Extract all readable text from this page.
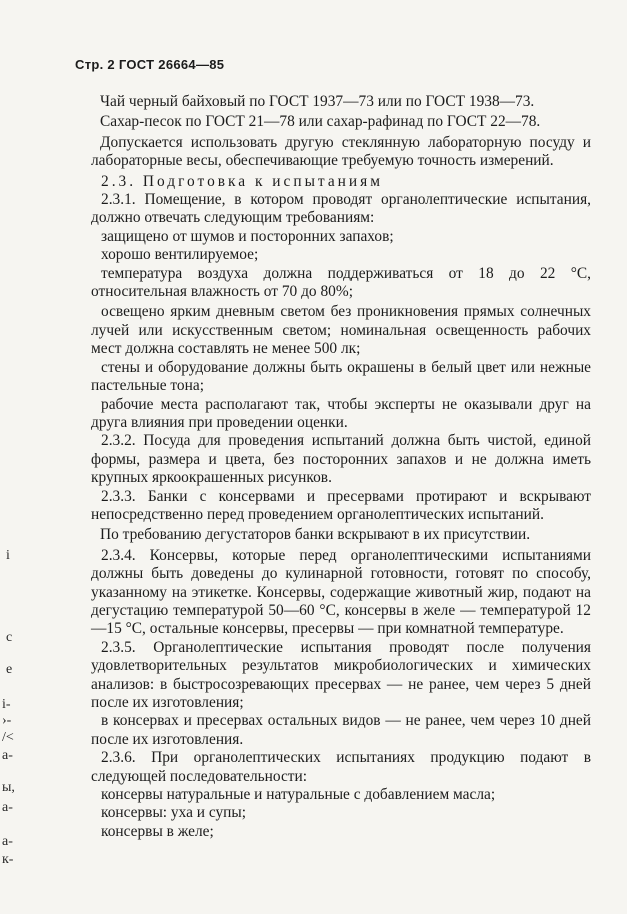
Стр. 2 ГОСТ 26664—85

Чай черный байховый по ГОСТ 1937—73 или по ГОСТ 1938—73.

Сахар-песок по ГОСТ 21—78 или сахар-рафинад по ГОСТ 22—78.

Допускается использовать другую стеклянную лабораторную посуду и лабораторные весы, обеспечивающие требуемую точность измерений.

2.3. Подготовка к испытаниям

2.3.1. Помещение, в котором проводят органолептические испытания, должно отвечать следующим требованиям:

защищено от шумов и посторонних запахов;

хорошо вентилируемое;

температура воздуха должна поддерживаться от 18 до 22 °С, относительная влажность от 70 до 80%;

освещено ярким дневным светом без проникновения прямых солнечных лучей или искусственным светом; номинальная освещенность рабочих мест должна составлять не менее 500 лк;

стены и оборудование должны быть окрашены в белый цвет или нежные пастельные тона;

рабочие места располагают так, чтобы эксперты не оказывали друг на друга влияния при проведении оценки.

2.3.2. Посуда для проведения испытаний должна быть чистой, единой формы, размера и цвета, без посторонних запахов и не должна иметь крупных яркоокрашенных рисунков.

2.3.3. Банки с консервами и пресервами протирают и вскрывают непосредственно перед проведением органолептических испытаний.

По требованию дегустаторов банки вскрывают в их присутствии.

2.3.4. Консервы, которые перед органолептическими испытаниями должны быть доведены до кулинарной готовности, готовят по способу, указанному на этикетке. Консервы, содержащие животный жир, подают на дегустацию температурой 50—60 °С, консервы в желе — температурой 12—15 °С, остальные консервы, пресервы — при комнатной температуре.

2.3.5. Органолептические испытания проводят после получения удовлетворительных результатов микробиологических и химических анализов: в быстросозревающих пресервах — не ранее, чем через 5 дней после их изготовления;

в консервах и пресервах остальных видов — не ранее, чем через 10 дней после их изготовления.

2.3.6. При органолептических испытаниях продукцию подают в следующей последовательности:

консервы натуральные и натуральные с добавлением масла;

консервы: уха и супы;

консервы в желе;

і
с
е
і-
›-
/<
а-
ы,
а-
а-
к-
